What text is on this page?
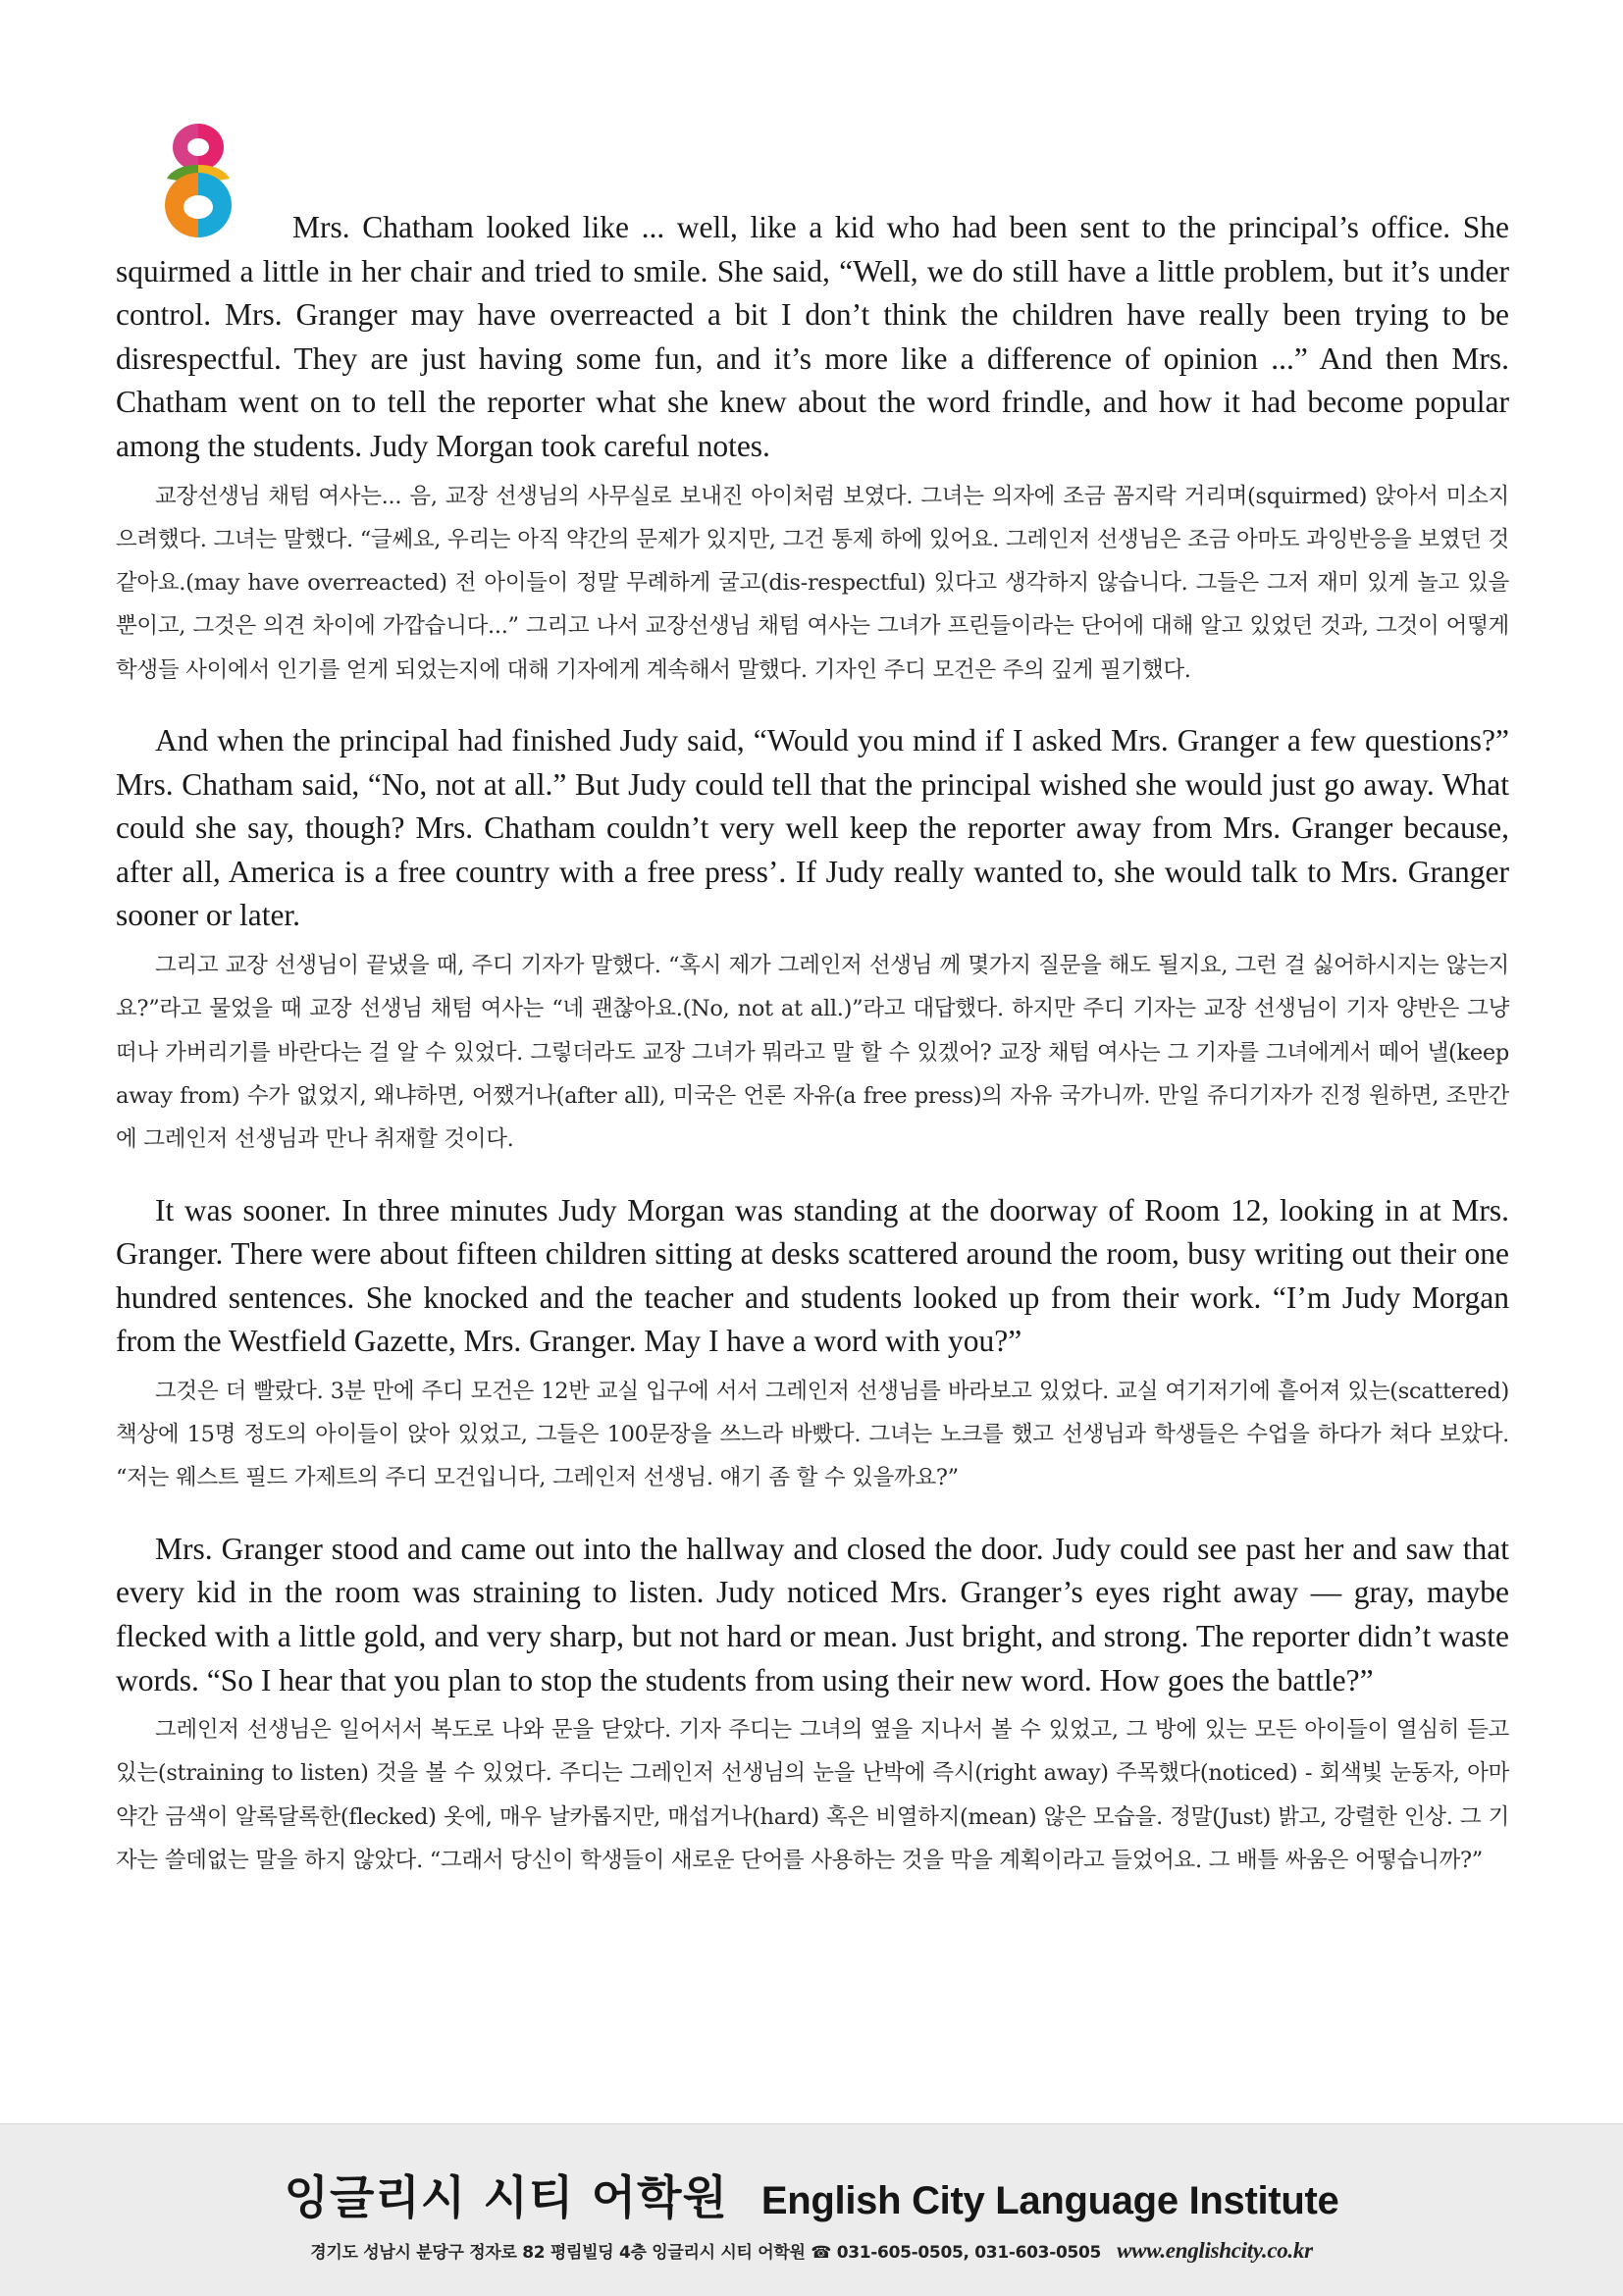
8

Mrs. Chatham looked like ... well, like a kid who had been sent to the principal’s office. She squirmed a little in her chair and tried to smile. She said, “Well, we do still have a little problem, but it’s under control. Mrs. Granger may have overreacted a bit I don’t think the children have really been trying to be disrespectful. They are just having some fun, and it’s more like a difference of opinion ...” And then Mrs. Chatham went on to tell the reporter what she knew about the word frindle, and how it had become popular among the students. Judy Morgan took careful notes.

교장선생님 채텀 여사는... 음, 교장 선생님의 사무실로 보내진 아이처럼 보였다. 그녀는 의자에 조금 꼼지락 거리며(squirmed) 앉아서 미소지으려했다. 그녀는 말했다. “글쎄요, 우리는 아직 약간의 문제가 있지만, 그건 통제 하에 있어요. 그레인저 선생님은 조금 아마도 과잉반응을 보였던 것 같아요.(may have overreacted) 전 아이들이 정말 무례하게 굴고(dis-respectful) 있다고 생각하지 않습니다. 그들은 그저 재미 있게 놀고 있을 뿐이고, 그것은 의견 차이에 가깝습니다...” 그리고 나서 교장선생님 채텀 여사는 그녀가 프린들이라는 단어에 대해 알고 있었던 것과, 그것이 어떻게 학생들 사이에서 인기를 얻게 되었는지에 대해 기자에게 계속해서 말했다. 기자인 주디 모건은 주의 깊게 필기했다.

And when the principal had finished Judy said, “Would you mind if I asked Mrs. Granger a few questions?” Mrs. Chatham said, “No, not at all.” But Judy could tell that the principal wished she would just go away. What could she say, though? Mrs. Chatham couldn’t very well keep the reporter away from Mrs. Granger because, after all, America is a free country with a free press’. If Judy really wanted to, she would talk to Mrs. Granger sooner or later.

그리고 교장 선생님이 끝냈을 때, 주디 기자가 말했다. “혹시 제가 그레인저 선생님 께 몇가지 질문을 해도 될지요, 그런 걸 싫어하시지는 않는지요?”라고 물었을 때 교장 선생님 채텀 여사는 “네 괜찮아요.(No, not at all.)”라고 대답했다. 하지만 주디 기자는 교장 선생님이 기자 양반은 그냥 떠나 가버리기를 바란다는 걸 알 수 있었다. 그렇더라도 교장 그녀가 뭐라고 말 할 수 있겠어? 교장 채텀 여사는 그 기자를 그녀에게서 떼어 낼(keep away from) 수가 없었지, 왜냐하면, 어쨌거나(after all), 미국은 언론 자유(a free press)의 자유 국가니까. 만일 쥬디기자가 진정 원하면, 조만간에 그레인저 선생님과 만나 취재할 것이다.

It was sooner. In three minutes Judy Morgan was standing at the doorway of Room 12, looking in at Mrs. Granger. There were about fifteen children sitting at desks scattered around the room, busy writing out their one hundred sentences. She knocked and the teacher and students looked up from their work. “I’m Judy Morgan from the Westfield Gazette, Mrs. Granger. May I have a word with you?”

그것은 더 빨랐다. 3분 만에 주디 모건은 12반 교실 입구에 서서 그레인저 선생님를 바라보고 있었다. 교실 여기저기에 흩어져 있는(scattered) 책상에 15명 정도의 아이들이 앉아 있었고, 그들은 100문장을 쓰느라 바빴다. 그녀는 노크를 했고 선생님과 학생들은 수업을 하다가 쳐다 보았다. “저는 웨스트 필드 가제트의 주디 모건입니다, 그레인저 선생님. 얘기 좀 할 수 있을까요?”

Mrs. Granger stood and came out into the hallway and closed the door. Judy could see past her and saw that every kid in the room was straining to listen. Judy noticed Mrs. Granger’s eyes right away — gray, maybe flecked with a little gold, and very sharp, but not hard or mean. Just bright, and strong. The reporter didn’t waste words. “So I hear that you plan to stop the students from using their new word. How goes the battle?”

그레인저 선생님은 일어서서 복도로 나와 문을 닫았다. 기자 주디는 그녀의 옆을 지나서 볼 수 있었고, 그 방에 있는 모든 아이들이 열심히 듣고 있는(straining to listen) 것을 볼 수 있었다. 주디는 그레인저 선생님의 눈을 난박에 즉시(right away) 주목했다(noticed) - 회색빛 눈동자, 아마 약간 금색이 알록달록한(flecked) 옷에, 매우 날카롭지만, 매섭거나(hard) 혹은 비열하지(mean) 않은 모습을. 정말(Just) 밝고, 강렬한 인상. 그 기자는 쓸데없는 말을 하지 않았다. “그래서 당신이 학생들이 새로운 단어를 사용하는 것을 막을 계획이라고 들었어요. 그 배틀 싸움은 어떻습니까?”

잉글리시 시티 어학원 English City Language Institute
경기도 성남시 분당구 정자로 82 평림빌딩 4층 잉글리시 시티 어학원 ☎ 031-605-0505, 031-603-0505 www.englishcity.co.kr
